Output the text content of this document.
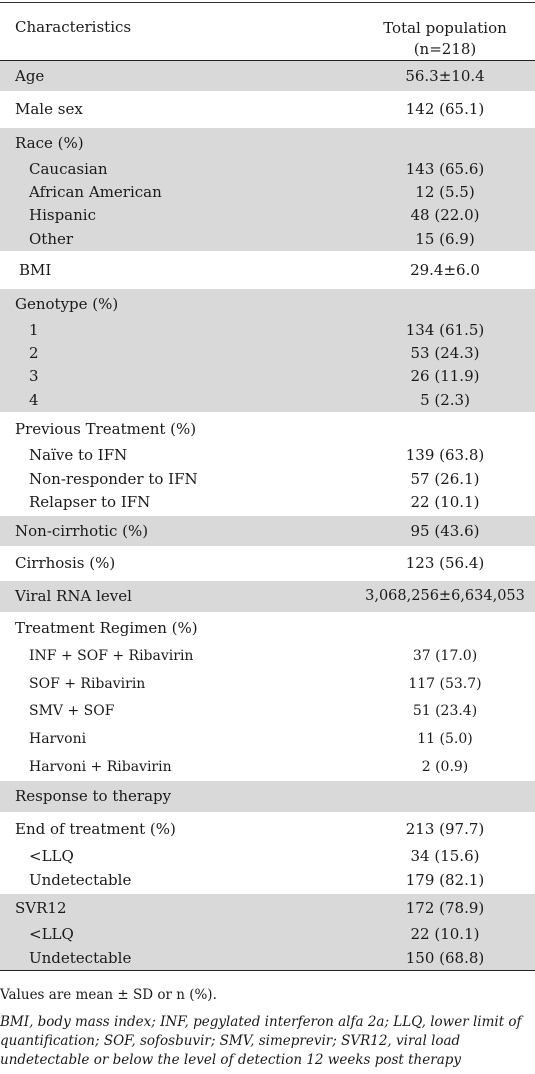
Characteristics	Total population
(n=218)
Age	56.3±10.4
Male sex	142 (65.1)
Race (%)	
Caucasian	143 (65.6)
African American	12 (5.5)
Hispanic	48 (22.0)
Other	15 (6.9)
BMI	29.4±6.0
Genotype (%)	
1	134 (61.5)
2	53 (24.3)
3	26 (11.9)
4	5 (2.3)
Previous Treatment (%)	
Naïve to IFN	139 (63.8)
Non-responder to IFN	57 (26.1)
Relapser to IFN	22 (10.1)
Non-cirrhotic (%)	95 (43.6)
Cirrhosis (%)	123 (56.4)
Viral RNA level	3,068,256±6,634,053
Treatment Regimen (%)	
INF + SOF + Ribavirin	37 (17.0)
SOF + Ribavirin	117 (53.7)
SMV + SOF	51 (23.4)
Harvoni	11 (5.0)
Harvoni + Ribavirin	2 (0.9)
Response to therapy	
End of treatment (%)	213 (97.7)
<LLQ	34 (15.6)
Undetectable	179 (82.1)
SVR12	172 (78.9)
<LLQ	22 (10.1)
Undetectable	150 (68.8)
Values are mean ± SD or n (%).
BMI, body mass index; INF, pegylated interferon alfa 2a; LLQ, lower limit of quantification; SOF, sofosbuvir; SMV, simeprevir; SVR12, viral load undetectable or below the level of detection 12 weeks post therapy
